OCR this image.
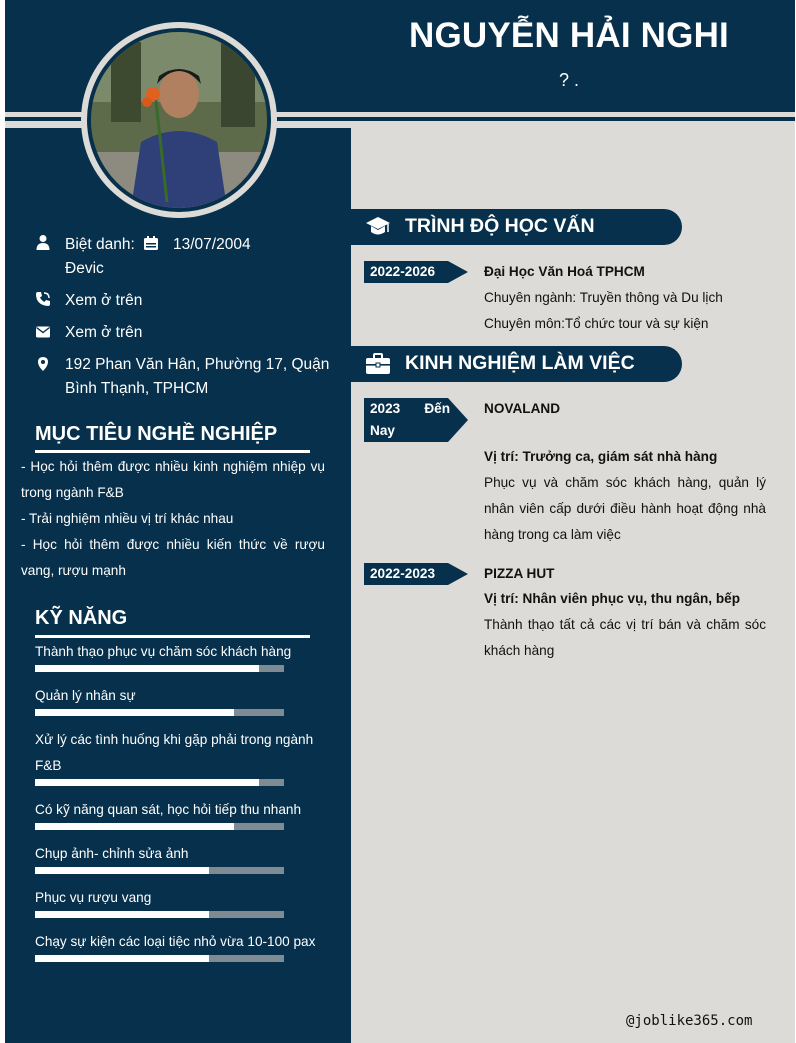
NGUYỄN HẢI NGHI
? .
Biệt danh: 13/07/2004
Đevic
Xem ở trên
Xem ở trên
192 Phan Văn Hân, Phường 17, Quận
Bình Thạnh, TPHCM
MỤC TIÊU NGHỀ NGHIỆP
- Học hỏi thêm được nhiều kinh nghiệm nhiệp vụ trong ngành F&B
- Trải nghiệm nhiều vị trí khác nhau
- Học hỏi thêm được nhiều kiến thức về rượu vang, rượu mạnh
KỸ NĂNG
Thành thạo phục vụ chăm sóc khách hàng
Quản lý nhân sự
Xử lý các tình huống khi gặp phải trong ngành F&B
Có kỹ năng quan sát, học hỏi tiếp thu nhanh
Chụp ảnh- chỉnh sửa ảnh
Phục vụ rượu vang
Chạy sự kiện các loại tiệc nhỏ vừa 10-100 pax
TRÌNH ĐỘ HỌC VẤN
2022-2026	Đại Học Văn Hoá TPHCM
Chuyên ngành: Truyền thông và Du lịch
Chuyên môn:Tổ chức tour và sự kiện
KINH NGHIỆM LÀM VIỆC
2023 Đến Nay
NOVALAND
Vị trí: Trưởng ca, giám sát nhà hàng
Phục vụ và chăm sóc khách hàng, quản lý nhân viên cấp dưới điều hành hoạt động nhà hàng trong ca làm việc
2022-2023	PIZZA HUT
Vị trí: Nhân viên phục vụ, thu ngân, bếp
Thành thạo tất cả các vị trí bán và chăm sóc khách hàng
@joblike365.com
